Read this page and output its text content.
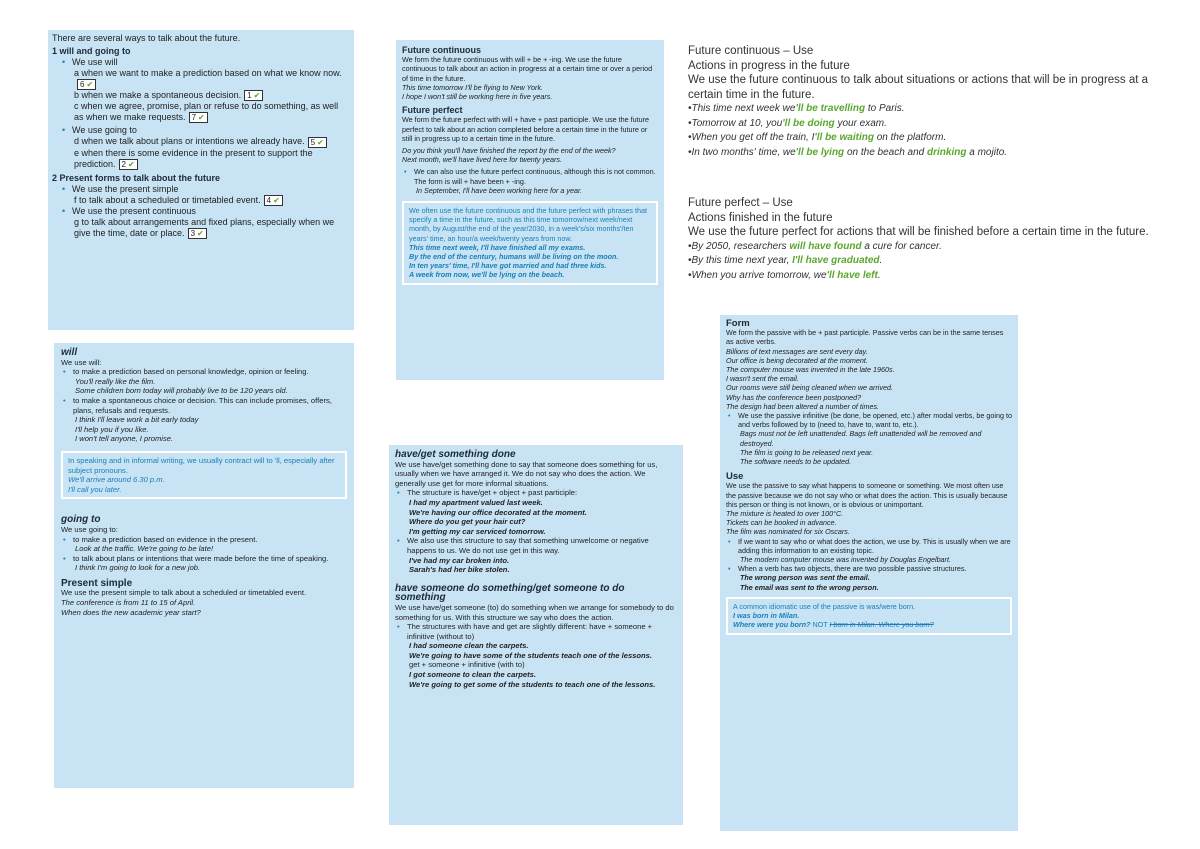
There are several ways to talk about the future.
1 will and going to
• We use will
a when we want to make a prediction based on what we know now.6 ✔
b when we make a spontaneous decision. 1 ✔
c when we agree, promise, plan or refuse to do something, as well as when we make requests. 7 ✔
• We use going to
d when we talk about plans or intentions we already have. 5 ✔
e when there is some evidence in the present to support the prediction. 2 ✔
2 Present forms to talk about the future
• We use the present simple
f to talk about a scheduled or timetabled event. 4 ✔
• We use the present continuous
g to talk about arrangements and fixed plans, especially when we give the time, date or place. 3 ✔
will
We use will:
• to make a prediction based on personal knowledge, opinion or feeling.
You'll really like the film.
Some children born today will probably live to be 120 years old.
• to make a spontaneous choice or decision. This can include promises, offers, plans, refusals and requests.
I think I'll leave work a bit early today
I'll help you if you like.
I won't tell anyone, I promise.
In speaking and in informal writing, we usually contract will to 'll, especially after subject pronouns.
We'll arrive around 6.30 p.m.
I'll call you later.
going to
We use going to:
• to make a prediction based on evidence in the present.
Look at the traffic. We're going to be late!
• to talk about plans or intentions that were made before the time of speaking.
I think I'm going to look for a new job.
Present simple
We use the present simple to talk about a scheduled or timetabled event.
The conference is from 11 to 15 of April.
When does the new academic year start?
Future continuous
We form the future continuous with will + be + -ing. We use the future continuous to talk about an action in progress at a certain time or over a period of time in the future.
This time tomorrow I'll be flying to New York.
I hope I won't still be working here in five years.
Future perfect
We form the future perfect with will + have + past participle. We use the future perfect to talk about an action completed before a certain time in the future or still in progress up to a certain time in the future.
Do you think you'll have finished the report by the end of the week?
Next month, we'll have lived here for twenty years.
• We can also use the future perfect continuous, although this is not common. The form is will + have been + -ing.
In September, I'll have been working here for a year.
We often use the future continuous and the future perfect with phrases that specify a time in the future, such as this time tomorrow/next week/next month, by August/the end of the year/2030, in a week's/six months'/ten years' time, an hour/a week/twenty years from now.
This time next week, I'll have finished all my exams.
By the end of the century, humans will be living on the moon.
In ten years' time, I'll have got married and had three kids.
A week from now, we'll be lying on the beach.
have/get something done
We use have/get something done to say that someone does something for us, usually when we have arranged it. We do not say who does the action. We generally use get for more informal situations.
• The structure is have/get + object + past participle:
I had my apartment valued last week.
We're having our office decorated at the moment.
Where do you get your hair cut?
I'm getting my car serviced tomorrow.
• We also use this structure to say that something unwelcome or negative happens to us. We do not use get in this way.
I've had my car broken into.
Sarah's had her bike stolen.
have someone do something/get someone to do something
We use have/get someone (to) do something when we arrange for somebody to do something for us. With this structure we say who does the action.
• The structures with have and get are slightly different: have + someone + infinitive (without to)
I had someone clean the carpets.
We're going to have some of the students teach one of the lessons.
get + someone + infinitive (with to)
I got someone to clean the carpets.
We're going to get some of the students to teach one of the lessons.
Form
We form the passive with be + past participle. Passive verbs can be in the same tenses as active verbs.
Billions of text messages are sent every day.
Our office is being decorated at the moment.
The computer mouse was invented in the late 1960s.
I wasn't sent the email.
Our rooms were still being cleaned when we arrived.
Why has the conference been postponed?
The design had been altered a number of times.
• We use the passive infinitive (be done, be opened, etc.) after modal verbs, be going to and verbs followed by to (need to, have to, want to, etc.).
Bags must not be left unattended. Bags left unattended will be removed and destroyed.
The film is going to be released next year.
The software needs to be updated.
Use
We use the passive to say what happens to someone or something. We most often use the passive because we do not say who or what does the action. This is usually because this person or thing is not known, or is obvious or unimportant.
The mixture is heated to over 100°C.
Tickets can be booked in advance.
The film was nominated for six Oscars.
• If we want to say who or what does the action, we use by. This is usually when we are adding this information to an existing topic.
The modern computer mouse was invented by Douglas Engelbart.
• When a verb has two objects, there are two possible passive structures.
The wrong person was sent the email.
The email was sent to the wrong person.
A common idiomatic use of the passive is was/were born.
I was born in Milan.
Where were you born? NOT I born in Milan. Where you born?
Future continuous – Use
Actions in progress in the future
We use the future continuous to talk about situations or actions that will be in progress at a certain time in the future.
•This time next week we'll be travelling to Paris.
•Tomorrow at 10, you'll be doing your exam.
•When you get off the train, I'll be waiting on the platform.
•In two months' time, we'll be lying on the beach and drinking a mojito.
Future perfect – Use
Actions finished in the future
We use the future perfect for actions that will be finished before a certain time in the future.
•By 2050, researchers will have found a cure for cancer.
•By this time next year, I'll have graduated.
•When you arrive tomorrow, we'll have left.
